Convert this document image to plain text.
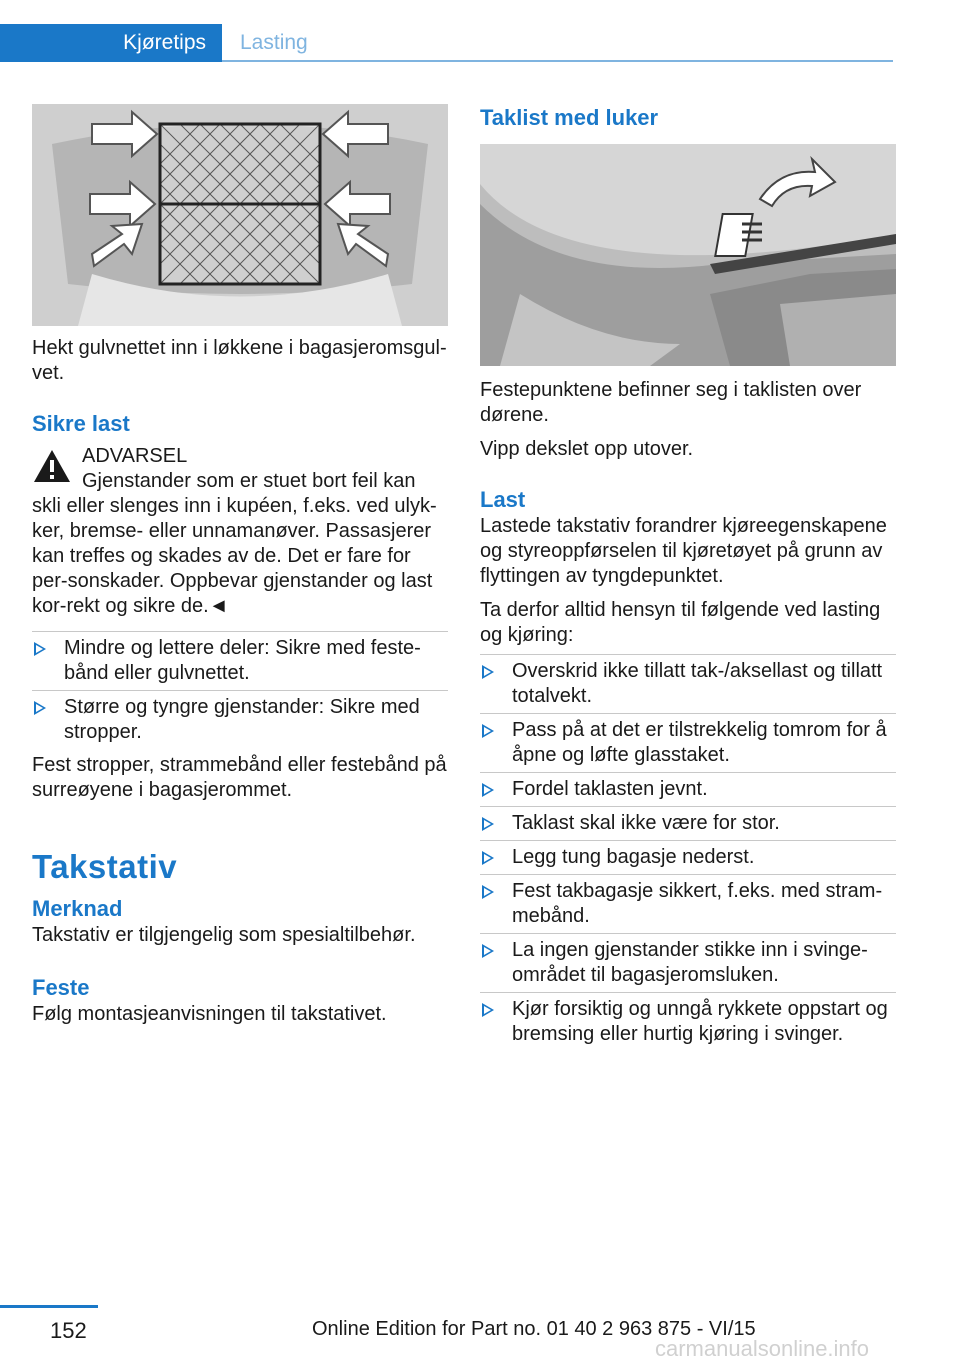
Kjøretips	Lasting

Hekt gulvnettet inn i løkkene i bagasjeromsgul-vet.

Sikre last
ADVARSEL
Gjenstander som er stuet bort feil kan skli eller slenges inn i kupéen, f.eks. ved ulyk-ker, bremse- eller unnamanøver. Passasjerer kan treffes og skades av de. Det er fare for per-sonskader. Oppbevar gjenstander og last kor-rekt og sikre de.◄
Mindre og lettere deler: Sikre med feste-bånd eller gulvnettet.
Større og tyngre gjenstander: Sikre med stropper.

Fest stropper, strammebånd eller festebånd på surreøyene i bagasjerommet.

Takstativ
Merknad

Takstativ er tilgjengelig som spesialtilbehør.

Feste

Følg montasjeanvisningen til takstativet.

Taklist med luker

Festepunktene befinner seg i taklisten over dørene.

Vipp dekslet opp utover.

Last

Lastede takstativ forandrer kjøreegenskapene og styreoppførselen til kjøretøyet på grunn av flyttingen av tyngdepunktet.

Ta derfor alltid hensyn til følgende ved lasting og kjøring:

Overskrid ikke tillatt tak-/aksellast og tillatt totalvekt.
Pass på at det er tilstrekkelig tomrom for å åpne og løfte glasstaket.
Fordel taklasten jevnt.
Taklast skal ikke være for stor.
Legg tung bagasje nederst.
Fest takbagasje sikkert, f.eks. med stram-mebånd.
La ingen gjenstander stikke inn i svinge-området til bagasjeromsluken.
Kjør forsiktig og unngå rykkete oppstart og bremsing eller hurtig kjøring i svinger.
152	Online Edition for Part no. 01 40 2 963 875 - VI/15
carmanualsonline.info
